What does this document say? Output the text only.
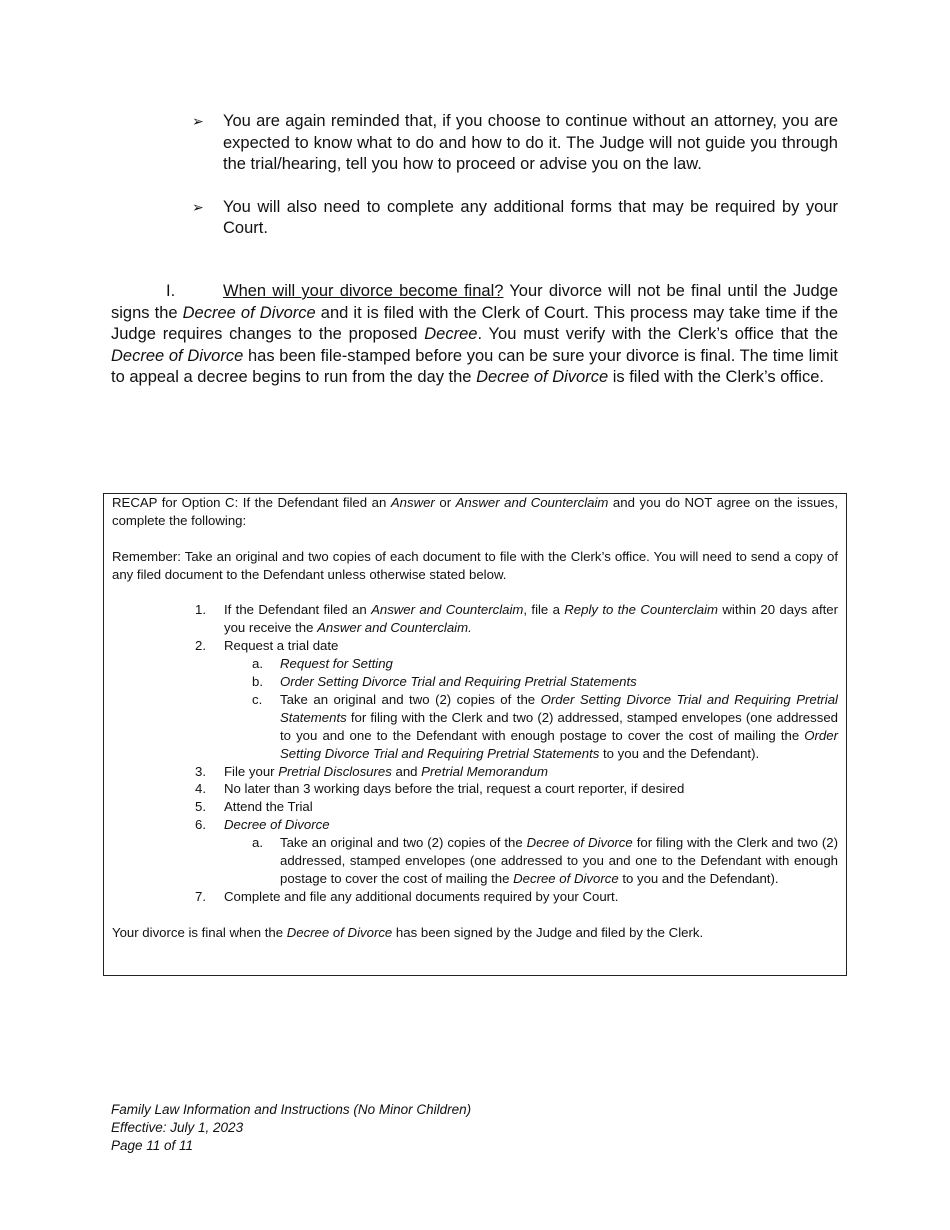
➢ You are again reminded that, if you choose to continue without an attorney, you are expected to know what to do and how to do it. The Judge will not guide you through the trial/hearing, tell you how to proceed or advise you on the law.
➢ You will also need to complete any additional forms that may be required by your Court.
I.	When will your divorce become final? Your divorce will not be final until the Judge signs the Decree of Divorce and it is filed with the Clerk of Court. This process may take time if the Judge requires changes to the proposed Decree. You must verify with the Clerk’s office that the Decree of Divorce has been file-stamped before you can be sure your divorce is final. The time limit to appeal a decree begins to run from the day the Decree of Divorce is filed with the Clerk’s office.

RECAP for Option C: If the Defendant filed an Answer or Answer and Counterclaim and you do NOT agree on the issues, complete the following:

Remember: Take an original and two copies of each document to file with the Clerk’s office. You will need to send a copy of any filed document to the Defendant unless otherwise stated below.

1. If the Defendant filed an Answer and Counterclaim, file a Reply to the Counterclaim within 20 days after you receive the Answer and Counterclaim.
2. Request a trial date
a. Request for Setting
b. Order Setting Divorce Trial and Requiring Pretrial Statements
c. Take an original and two (2) copies of the Order Setting Divorce Trial and Requiring Pretrial Statements for filing with the Clerk and two (2) addressed, stamped envelopes (one addressed to you and one to the Defendant with enough postage to cover the cost of mailing the Order Setting Divorce Trial and Requiring Pretrial Statements to you and the Defendant).
3. File your Pretrial Disclosures and Pretrial Memorandum
4. No later than 3 working days before the trial, request a court reporter, if desired
5. Attend the Trial
6. Decree of Divorce
a. Take an original and two (2) copies of the Decree of Divorce for filing with the Clerk and two (2) addressed, stamped envelopes (one addressed to you and one to the Defendant with enough postage to cover the cost of mailing the Decree of Divorce to you and the Defendant).
7. Complete and file any additional documents required by your Court.

Your divorce is final when the Decree of Divorce has been signed by the Judge and filed by the Clerk.

Family Law Information and Instructions (No Minor Children)
Effective: July 1, 2023
Page 11 of 11
